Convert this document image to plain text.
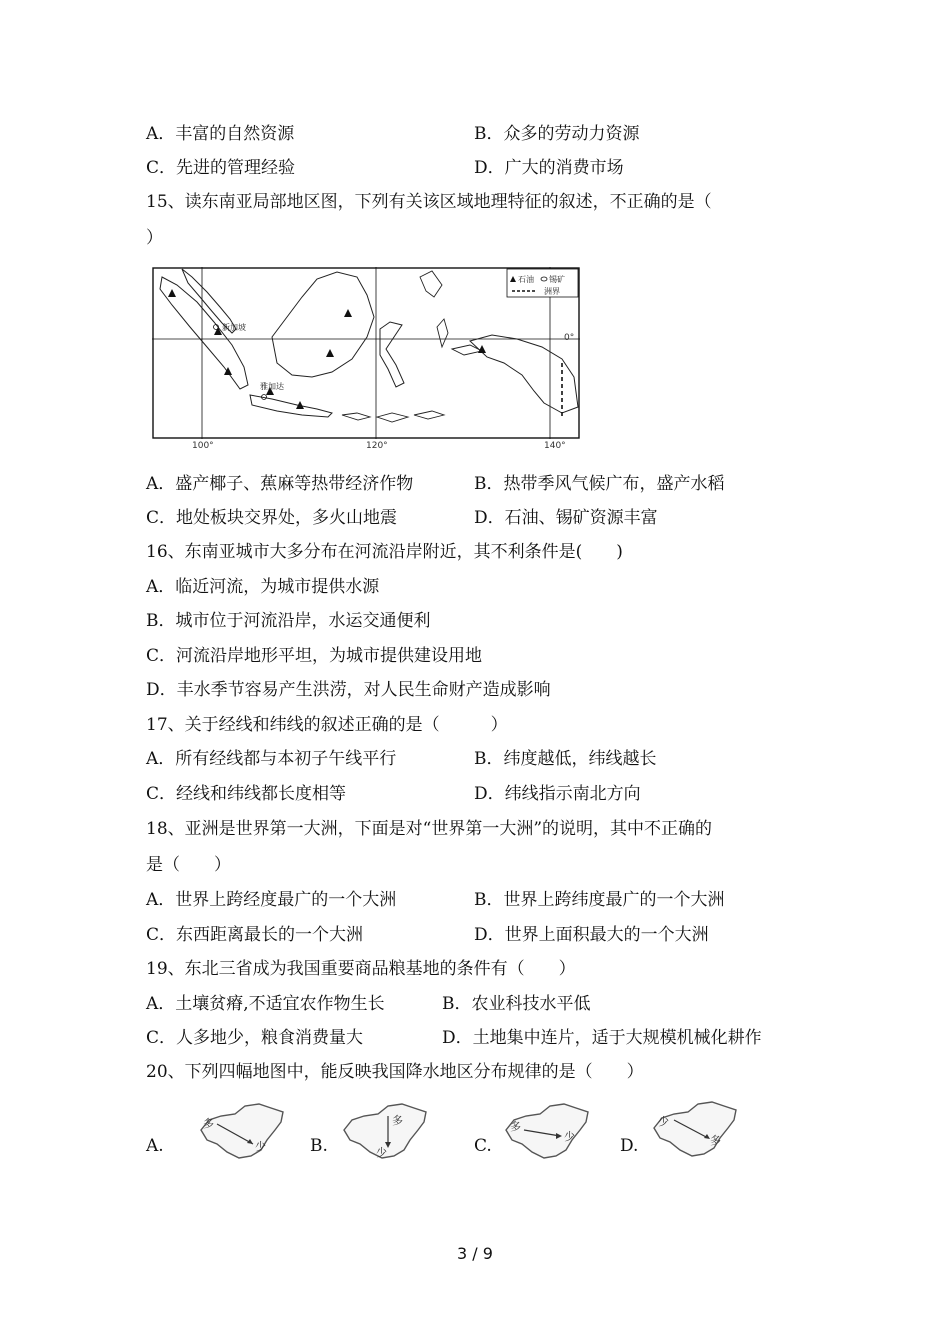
A．丰富的自然资源	B．众多的劳动力资源
C．先进的管理经验	D．广大的消费市场
15、读东南亚局部地区图，下列有关该区域地理特征的叙述，不正确的是（
）
新加坡
雅加达
石油 锡矿
洲界
100°	120°	140°
0°
A．盛产椰子、蕉麻等热带经济作物	B．热带季风气候广布，盛产水稻
C．地处板块交界处，多火山地震	D．石油、锡矿资源丰富
16、东南亚城市大多分布在河流沿岸附近，其不利条件是(　　)
A．临近河流，为城市提供水源
B．城市位于河流沿岸，水运交通便利
C．河流沿岸地形平坦，为城市提供建设用地
D．丰水季节容易产生洪涝，对人民生命财产造成影响
17、关于经线和纬线的叙述正确的是（　　　）
A．所有经线都与本初子午线平行	B．纬度越低，纬线越长
C．经线和纬线都长度相等	D．纬线指示南北方向
18、亚洲是世界第一大洲，下面是对“世界第一大洲”的说明，其中不正确的
是（　　）
A．世界上跨经度最广的一个大洲	B．世界上跨纬度最广的一个大洲
C．东西距离最长的一个大洲	D．世界上面积最大的一个大洲
19、东北三省成为我国重要商品粮基地的条件有（　　）
A．土壤贫瘠,不适宜农作物生长	B．农业科技水平低
C．人多地少，粮食消费量大	D．土地集中连片，适于大规模机械化耕作
20、下列四幅地图中，能反映我国降水地区分布规律的是（　　）
A.
多
少	B.
多
少	C.
多
少	D.
少
多
3 / 9
